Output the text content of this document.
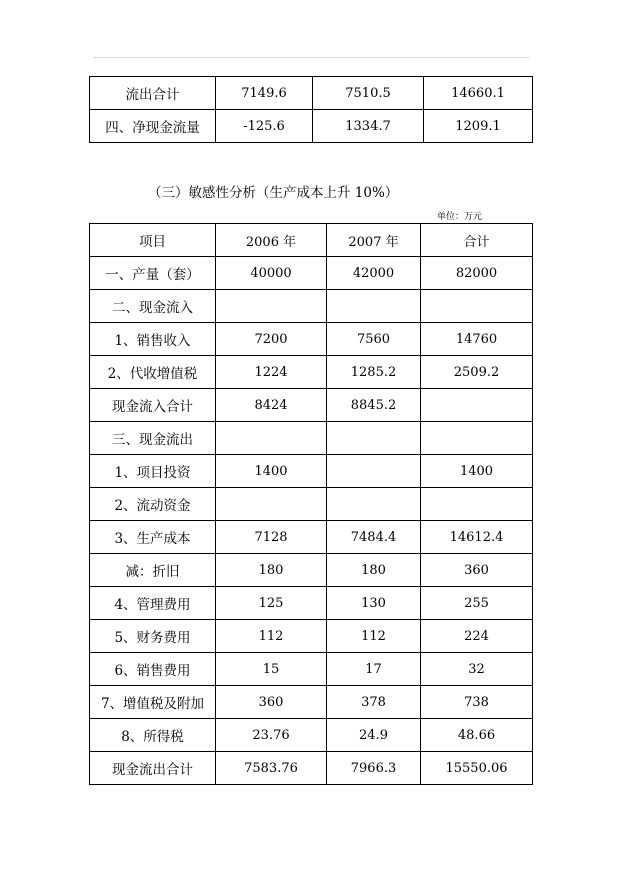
流出合计	7149.6	7510.5	14660.1
四、净现金流量	-125.6	1334.7	1209.1
（三）敏感性分析（生产成本上升 10%）
单位：万元
项目	2006 年	2007 年	合计
一、产量（套）	40000	42000	82000
二、现金流入			
1、销售收入	7200	7560	14760
2、代收增值税	1224	1285.2	2509.2
现金流入合计	8424	8845.2	
三、现金流出			
1、项目投资	1400		1400
2、流动资金			
3、生产成本	7128	7484.4	14612.4
减：折旧	180	180	360
4、管理费用	125	130	255
5、财务费用	112	112	224
6、销售费用	15	17	32
7、增值税及附加	360	378	738
8、所得税	23.76	24.9	48.66
现金流出合计	7583.76	7966.3	15550.06
